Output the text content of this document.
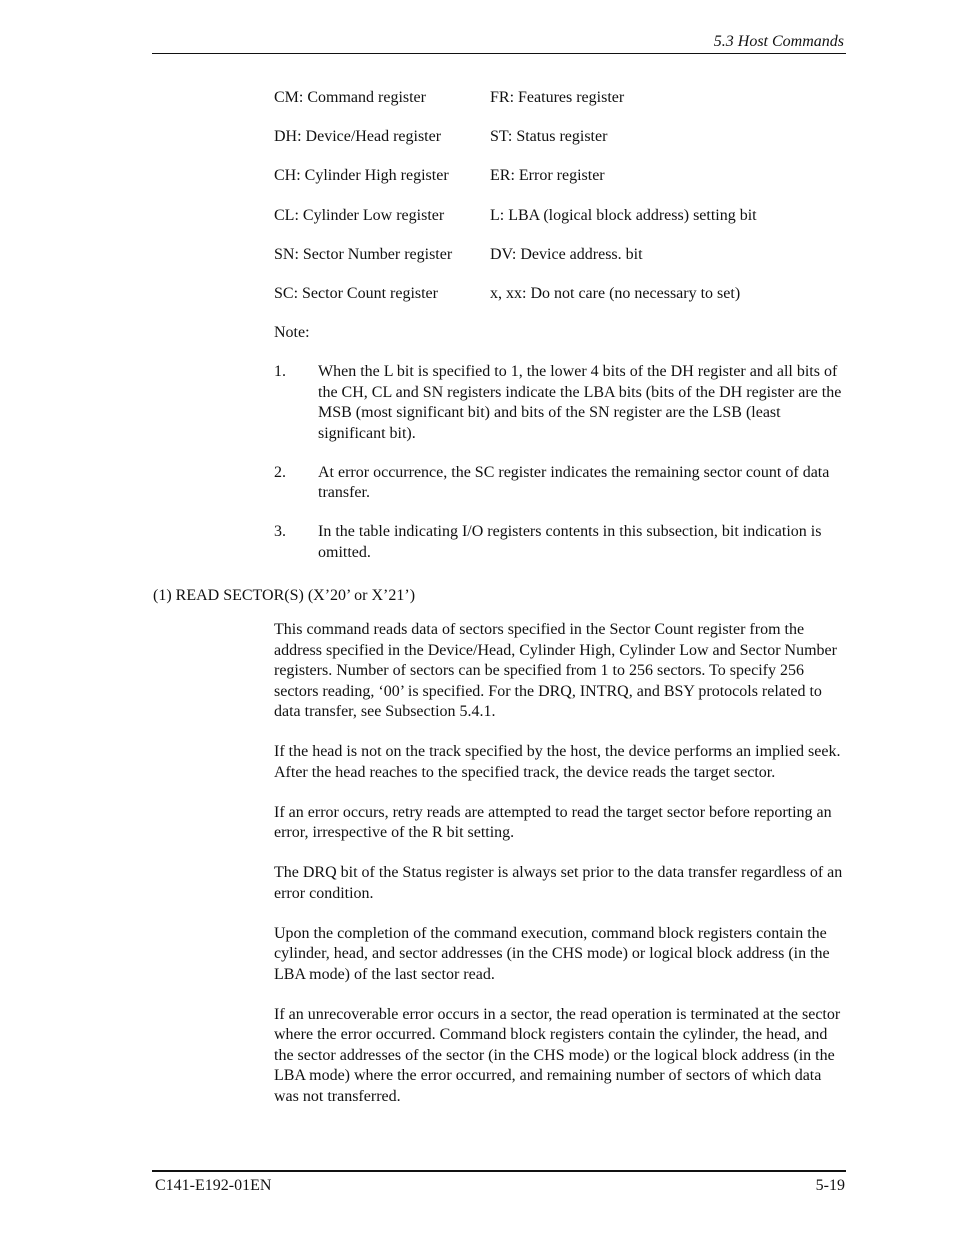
5.3 Host Commands
CM: Command register	FR: Features register
DH: Device/Head register	ST: Status register
CH: Cylinder High register	ER: Error register
CL: Cylinder Low register	L: LBA (logical block address) setting bit
SN: Sector Number register	DV: Device address. bit
SC: Sector Count register	x, xx: Do not care (no necessary to set)
Note:
1.	When the L bit is specified to 1, the lower 4 bits of the DH register and all bits of the CH, CL and SN registers indicate the LBA bits (bits of the DH register are the MSB (most significant bit) and bits of the SN register are the LSB (least significant bit).
2.	At error occurrence, the SC register indicates the remaining sector count of data transfer.
3.	In the table indicating I/O registers contents in this subsection, bit indication is omitted.
(1) READ SECTOR(S) (X’20’ or X’21’)

This command reads data of sectors specified in the Sector Count register from the address specified in the Device/Head, Cylinder High, Cylinder Low and Sector Number registers. Number of sectors can be specified from 1 to 256 sectors. To specify 256 sectors reading, ‘00’ is specified. For the DRQ, INTRQ, and BSY protocols related to data transfer, see Subsection 5.4.1.

If the head is not on the track specified by the host, the device performs an implied seek. After the head reaches to the specified track, the device reads the target sector.

If an error occurs, retry reads are attempted to read the target sector before reporting an error, irrespective of the R bit setting.

The DRQ bit of the Status register is always set prior to the data transfer regardless of an error condition.

Upon the completion of the command execution, command block registers contain the cylinder, head, and sector addresses (in the CHS mode) or logical block address (in the LBA mode) of the last sector read.

If an unrecoverable error occurs in a sector, the read operation is terminated at the sector where the error occurred. Command block registers contain the cylinder, the head, and the sector addresses of the sector (in the CHS mode) or the logical block address (in the LBA mode) where the error occurred, and remaining number of sectors of which data was not transferred.

C141-E192-01EN	5-19
